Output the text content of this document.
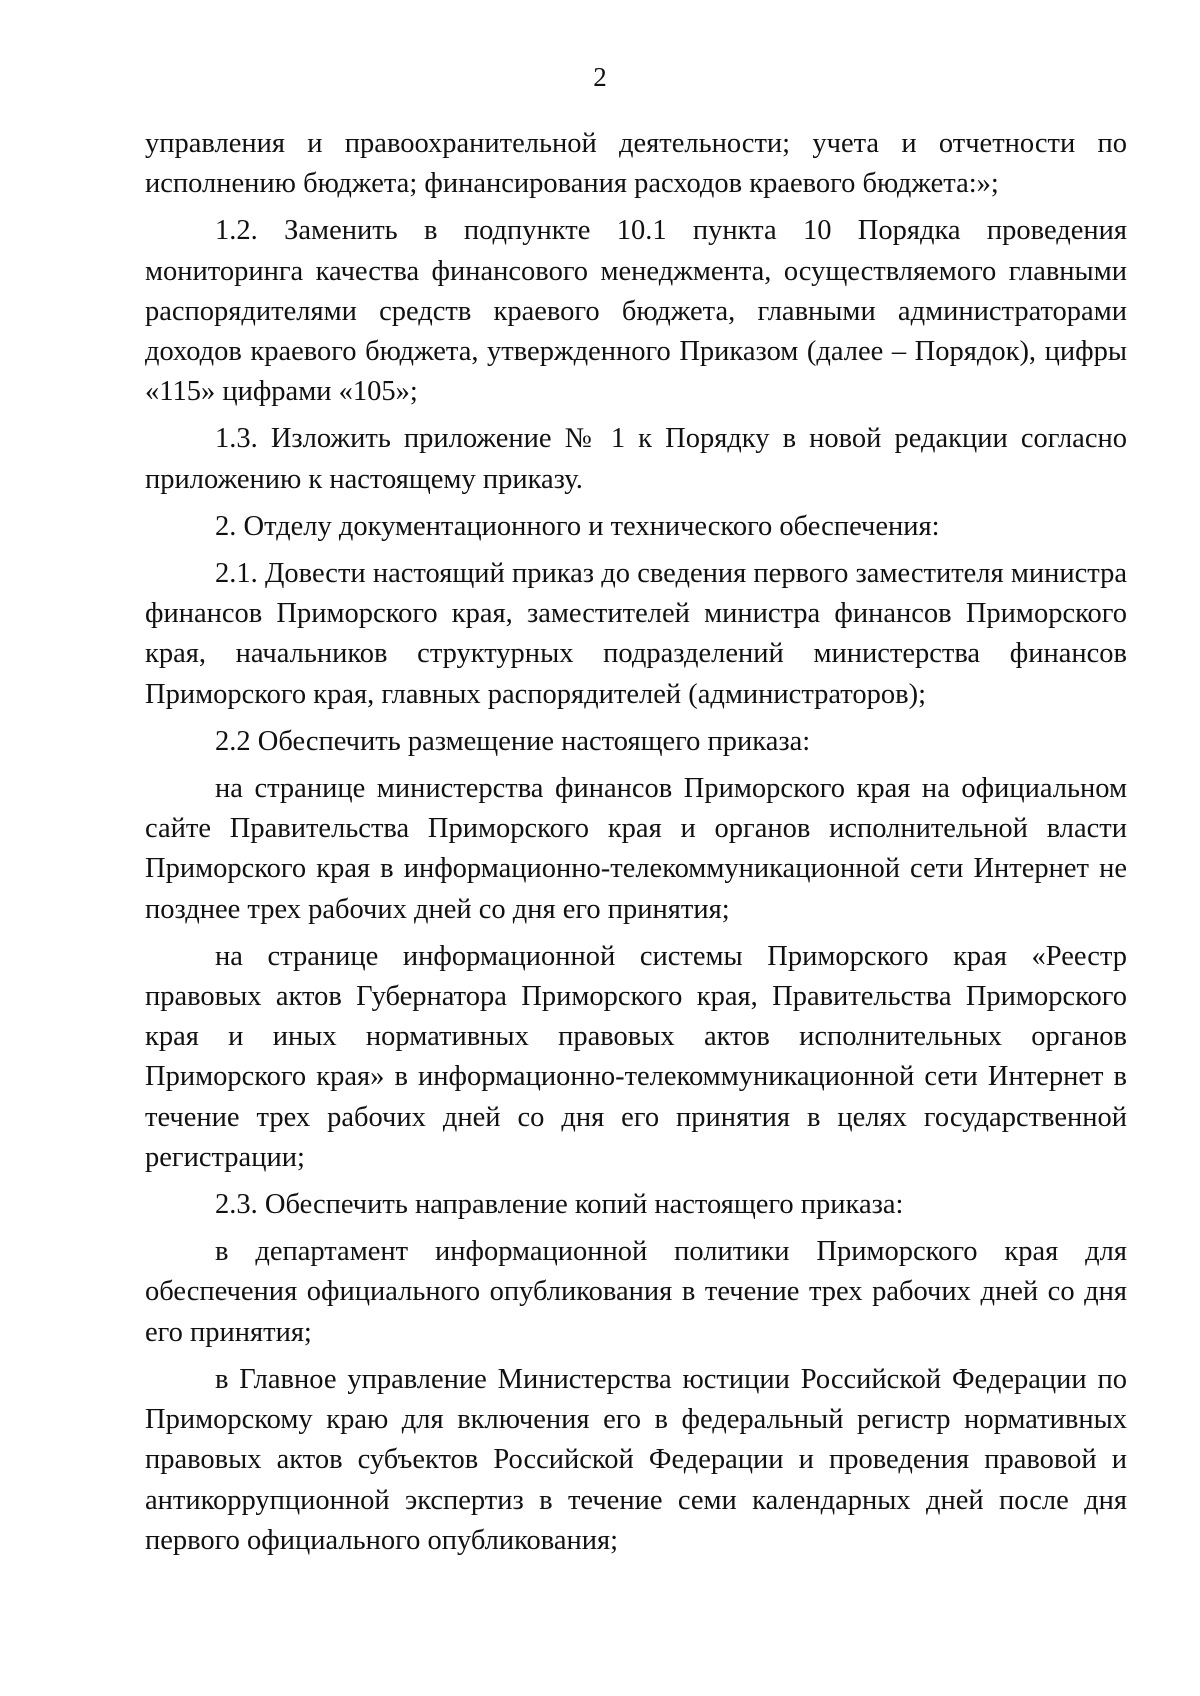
2

управления и правоохранительной деятельности; учета и отчетности по исполнению бюджета; финансирования расходов краевого бюджета:»;

1.2. Заменить в подпункте 10.1 пункта 10 Порядка проведения мониторинга качества финансового менеджмента, осуществляемого главными распорядителями средств краевого бюджета, главными администраторами доходов краевого бюджета, утвержденного Приказом (далее – Порядок), цифры «115» цифрами «105»;

1.3. Изложить приложение № 1 к Порядку в новой редакции согласно приложению к настоящему приказу.

2. Отделу документационного и технического обеспечения:

2.1. Довести настоящий приказ до сведения первого заместителя министра финансов Приморского края, заместителей министра финансов Приморского края, начальников структурных подразделений министерства финансов Приморского края, главных распорядителей (администраторов);

2.2 Обеспечить размещение настоящего приказа:

на странице министерства финансов Приморского края на официальном сайте Правительства Приморского края и органов исполнительной власти Приморского края в информационно-телекоммуникационной сети Интернет не позднее трех рабочих дней со дня его принятия;

на странице информационной системы Приморского края «Реестр правовых актов Губернатора Приморского края, Правительства Приморского края и иных нормативных правовых актов исполнительных органов Приморского края» в информационно-телекоммуникационной сети Интернет в течение трех рабочих дней со дня его принятия в целях государственной регистрации;

2.3. Обеспечить направление копий настоящего приказа:

в департамент информационной политики Приморского края для обеспечения официального опубликования в течение трех рабочих дней со дня его принятия;

в Главное управление Министерства юстиции Российской Федерации по Приморскому краю для включения его в федеральный регистр нормативных правовых актов субъектов Российской Федерации и проведения правовой и антикоррупционной экспертиз в течение семи календарных дней после дня первого официального опубликования;
